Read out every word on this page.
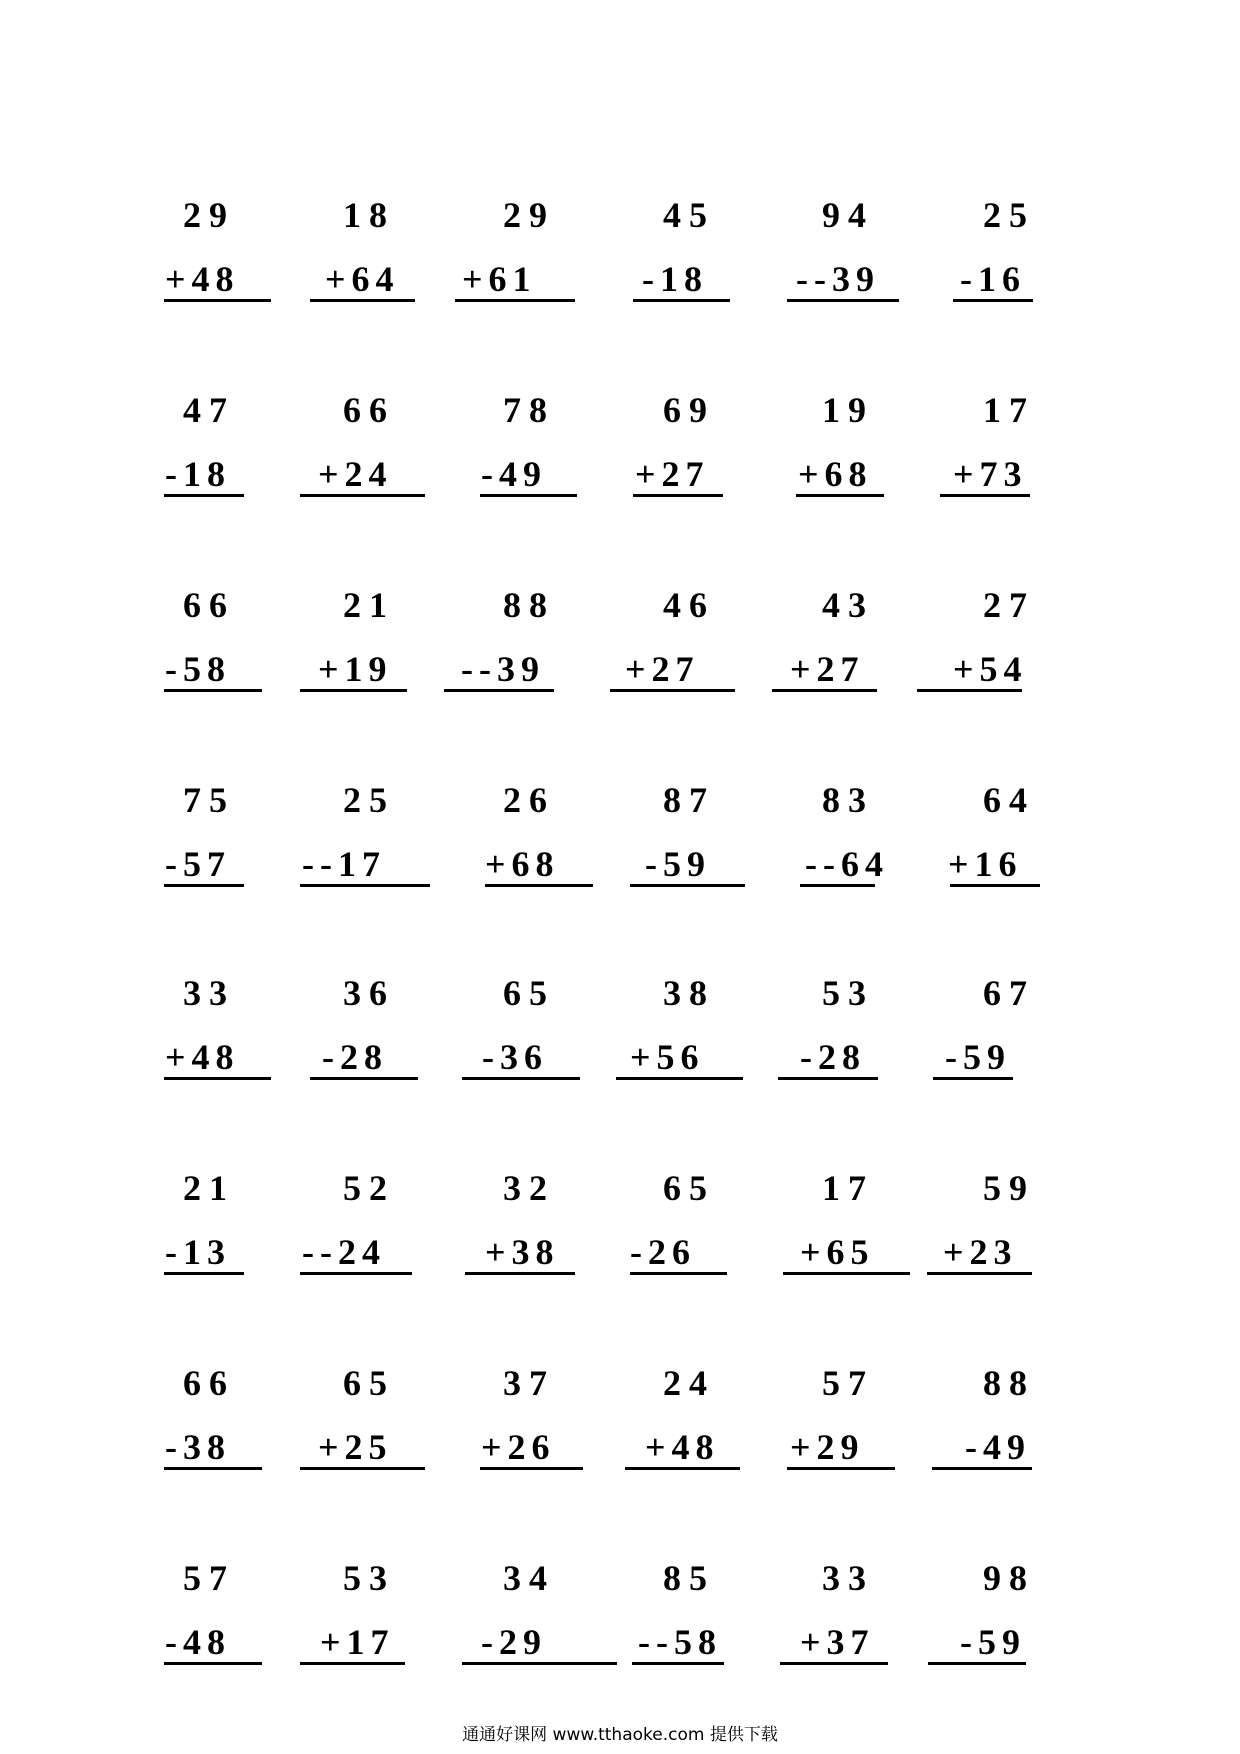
29
+48
18
+64
29
+61
45
-18
94
--39
25
-16
47
-18
66
+24
78
-49
69
+27
19
+68
17
+73
66
-58
21
+19
88
--39
46
+27
43
+27
27
+54
75
-57
25
--17
26
+68
87
-59
83
--64
64
+16
33
+48
36
-28
65
-36
38
+56
53
-28
67
-59
21
-13
52
--24
32
+38
65
-26
17
+65
59
+23
66
-38
65
+25
37
+26
24
+48
57
+29
88
-49
57
-48
53
+17
34
-29
85
--58
33
+37
98
-59
通通好课网 www.tthaoke.com 提供下载
